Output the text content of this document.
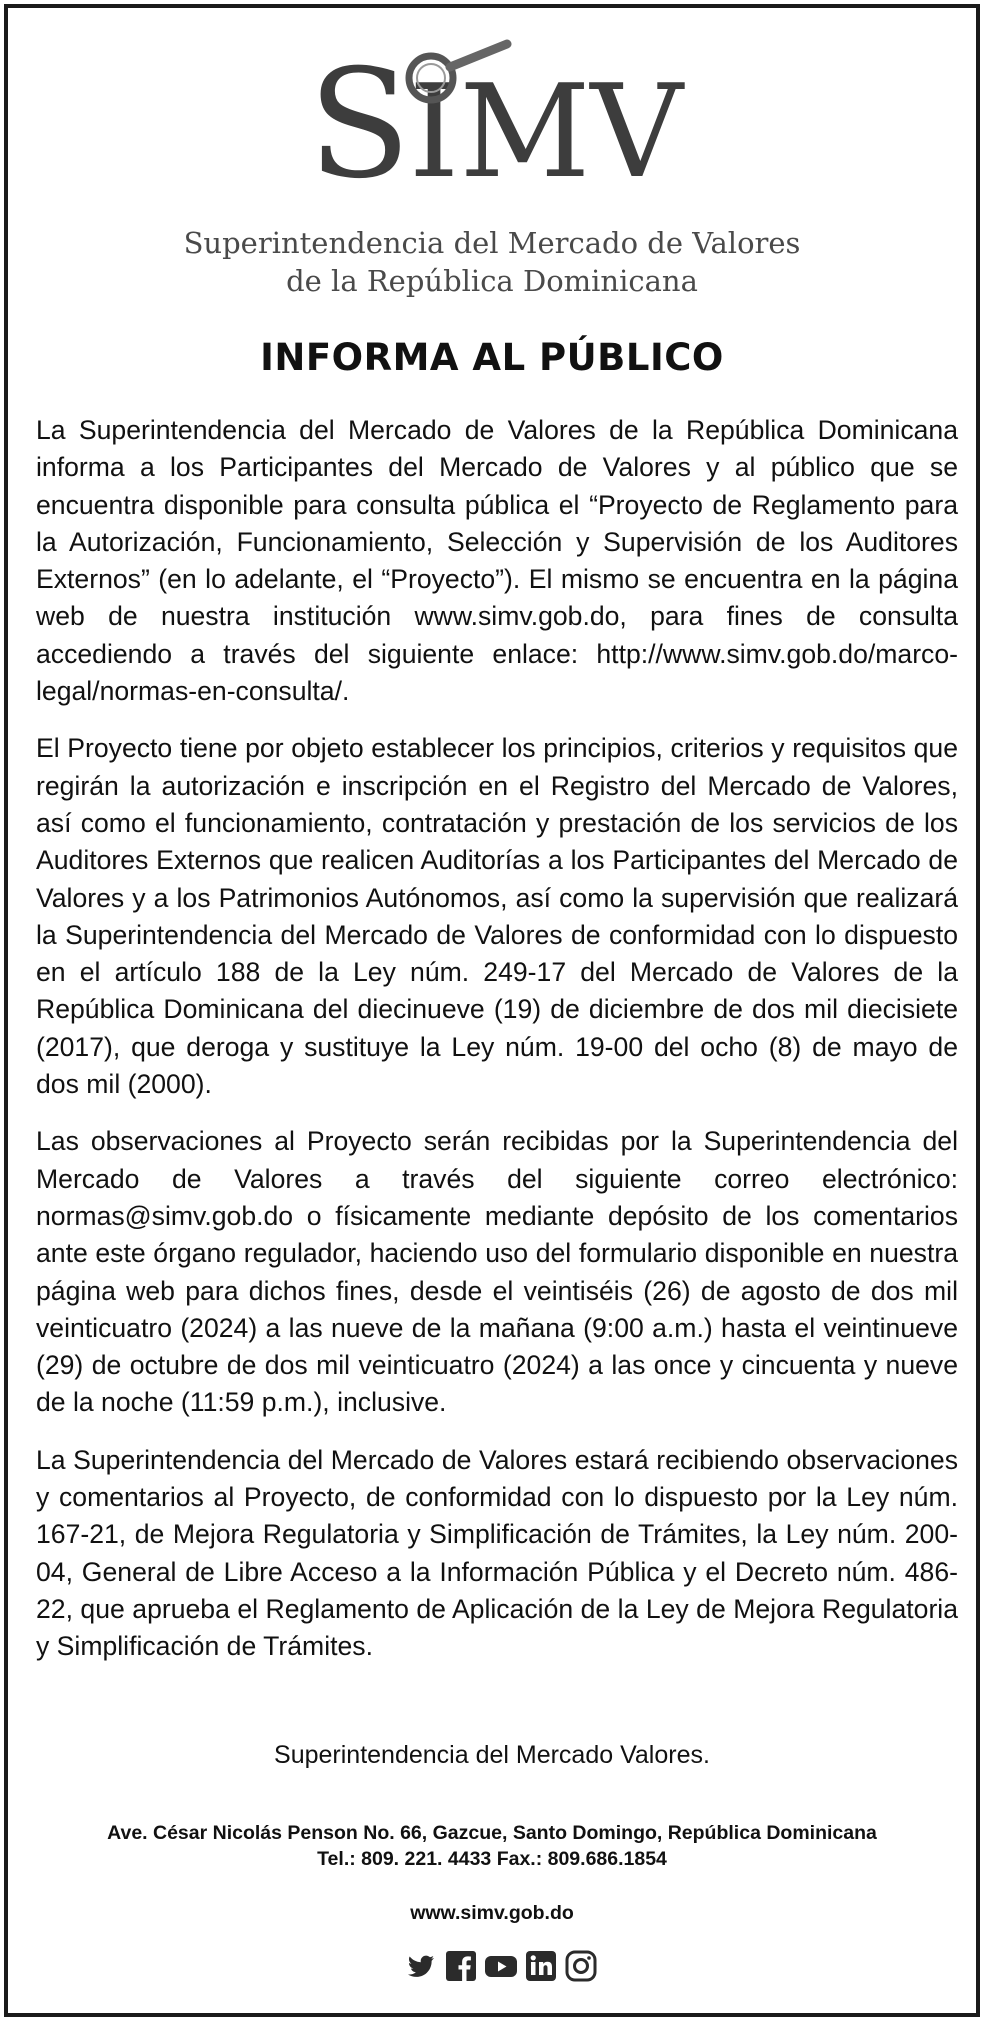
SIMV
Superintendencia del Mercado de Valores
de la República Dominicana
INFORMA AL PÚBLICO

La Superintendencia del Mercado de Valores de la República Dominicana informa a los Participantes del Mercado de Valores y al público que se encuentra disponible para consulta pública el “Proyecto de Reglamento para la Autorización, Funcionamiento, Selección y Supervisión de los Auditores Externos” (en lo adelante, el “Proyecto”). El mismo se encuentra en la página web de nuestra institución www.simv.gob.do, para fines de consulta accediendo a través del siguiente enlace: http://www.simv.gob.do/marco-legal/normas-en-consulta/.

El Proyecto tiene por objeto establecer los principios, criterios y requisitos que regirán la autorización e inscripción en el Registro del Mercado de Valores, así como el funcionamiento, contratación y prestación de los servicios de los Auditores Externos que realicen Auditorías a los Participantes del Mercado de Valores y a los Patrimonios Autónomos, así como la supervisión que realizará la Superintendencia del Mercado de Valores de conformidad con lo dispuesto en el artículo 188 de la Ley núm. 249-17 del Mercado de Valores de la República Dominicana del diecinueve (19) de diciembre de dos mil diecisiete (2017), que deroga y sustituye la Ley núm. 19-00 del ocho (8) de mayo de dos mil (2000).

Las observaciones al Proyecto serán recibidas por la Superintendencia del Mercado de Valores a través del siguiente correo electrónico: normas@simv.gob.do o físicamente mediante depósito de los comentarios ante este órgano regulador, haciendo uso del formulario disponible en nuestra página web para dichos fines, desde el veintiséis (26) de agosto de dos mil veinticuatro (2024) a las nueve de la mañana (9:00 a.m.) hasta el veintinueve (29) de octubre de dos mil veinticuatro (2024) a las once y cincuenta y nueve de la noche (11:59 p.m.), inclusive.

La Superintendencia del Mercado de Valores estará recibiendo observaciones y comentarios al Proyecto, de conformidad con lo dispuesto por la Ley núm. 167-21, de Mejora Regulatoria y Simplificación de Trámites, la Ley núm. 200-04, General de Libre Acceso a la Información Pública y el Decreto núm. 486-22, que aprueba el Reglamento de Aplicación de la Ley de Mejora Regulatoria y Simplificación de Trámites.

Superintendencia del Mercado Valores.
Ave. César Nicolás Penson No. 66, Gazcue, Santo Domingo, República Dominicana
Tel.: 809. 221. 4433 Fax.: 809.686.1854
www.simv.gob.do
